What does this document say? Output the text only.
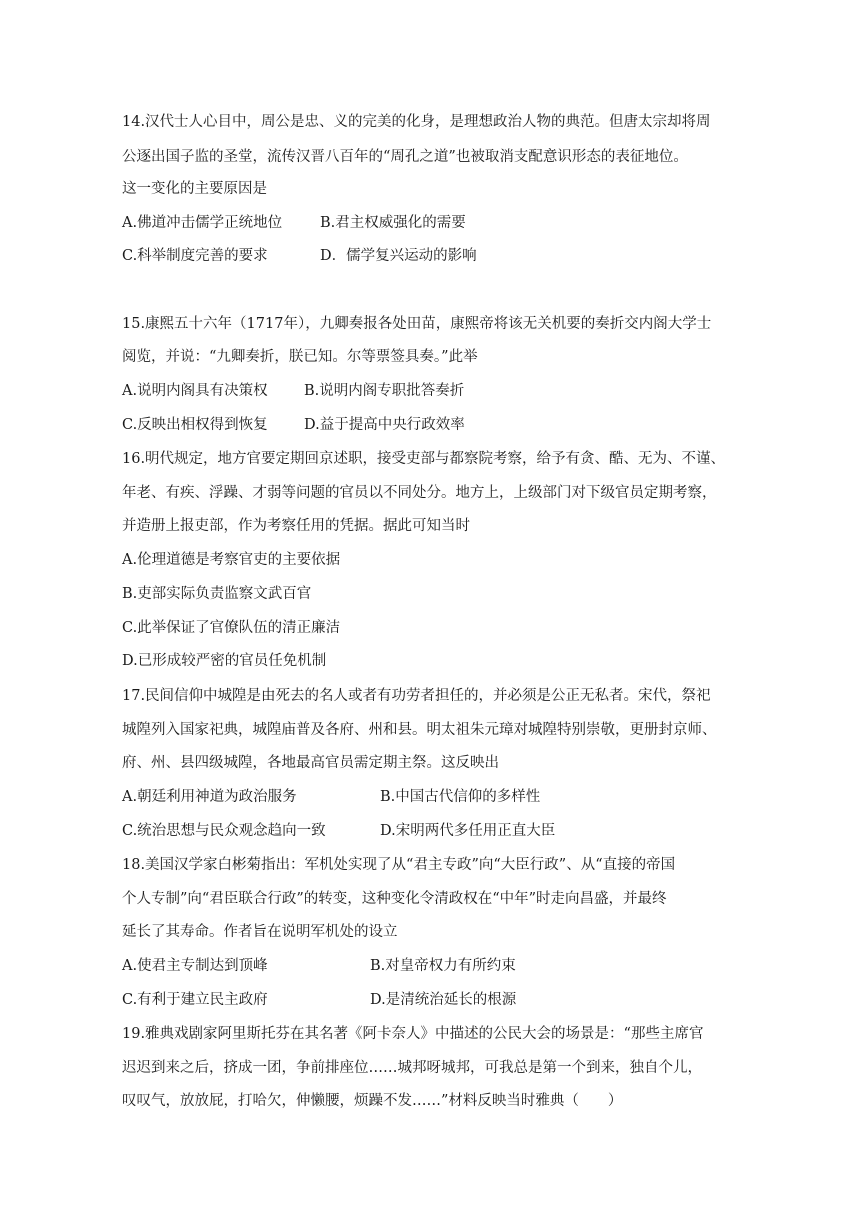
14.汉代士人心目中，周公是忠、义的完美的化身，是理想政治人物的典范。但唐太宗却将周
公逐出国子监的圣堂，流传汉晋八百年的“周孔之道”也被取消支配意识形态的表征地位。
这一变化的主要原因是
A.佛道冲击儒学正统地位	B.君主权威强化的需要
C.科举制度完善的要求	D．儒学复兴运动的影响
15.康熙五十六年（1717年），九卿奏报各处田苗，康熙帝将该无关机要的奏折交内阁大学士
阅览，并说：“九卿奏折，朕已知。尔等票签具奏。”此举
A.说明内阁具有决策权	B.说明内阁专职批答奏折
C.反映出相权得到恢复	D.益于提高中央行政效率
16.明代规定，地方官要定期回京述职，接受吏部与都察院考察，给予有贪、酷、无为、不谨、
年老、有疾、浮躁、才弱等问题的官员以不同处分。地方上，上级部门对下级官员定期考察，
并造册上报吏部，作为考察任用的凭据。据此可知当时
A.伦理道德是考察官吏的主要依据
B.吏部实际负责监察文武百官
C.此举保证了官僚队伍的清正廉洁
D.已形成较严密的官员任免机制
17.民间信仰中城隍是由死去的名人或者有功劳者担任的，并必须是公正无私者。宋代，祭祀
城隍列入国家祀典，城隍庙普及各府、州和县。明太祖朱元璋对城隍特别崇敬，更册封京师、
府、州、县四级城隍，各地最高官员需定期主祭。这反映出
A.朝廷利用神道为政治服务	B.中国古代信仰的多样性
C.统治思想与民众观念趋向一致	D.宋明两代多任用正直大臣
18.美国汉学家白彬菊指出：军机处实现了从“君主专政”向“大臣行政”、从“直接的帝国
个人专制”向“君臣联合行政”的转变，这种变化令清政权在“中年”时走向昌盛，并最终
延长了其寿命。作者旨在说明军机处的设立
A.使君主专制达到顶峰	B.对皇帝权力有所约束
C.有利于建立民主政府	D.是清统治延长的根源
19.雅典戏剧家阿里斯托芬在其名著《阿卡奈人》中描述的公民大会的场景是：“那些主席官
迟迟到来之后，挤成一团，争前排座位……城邦呀城邦，可我总是第一个到来，独自个儿，
叹叹气，放放屁，打哈欠，伸懒腰，烦躁不发……”材料反映当时雅典（　　）
